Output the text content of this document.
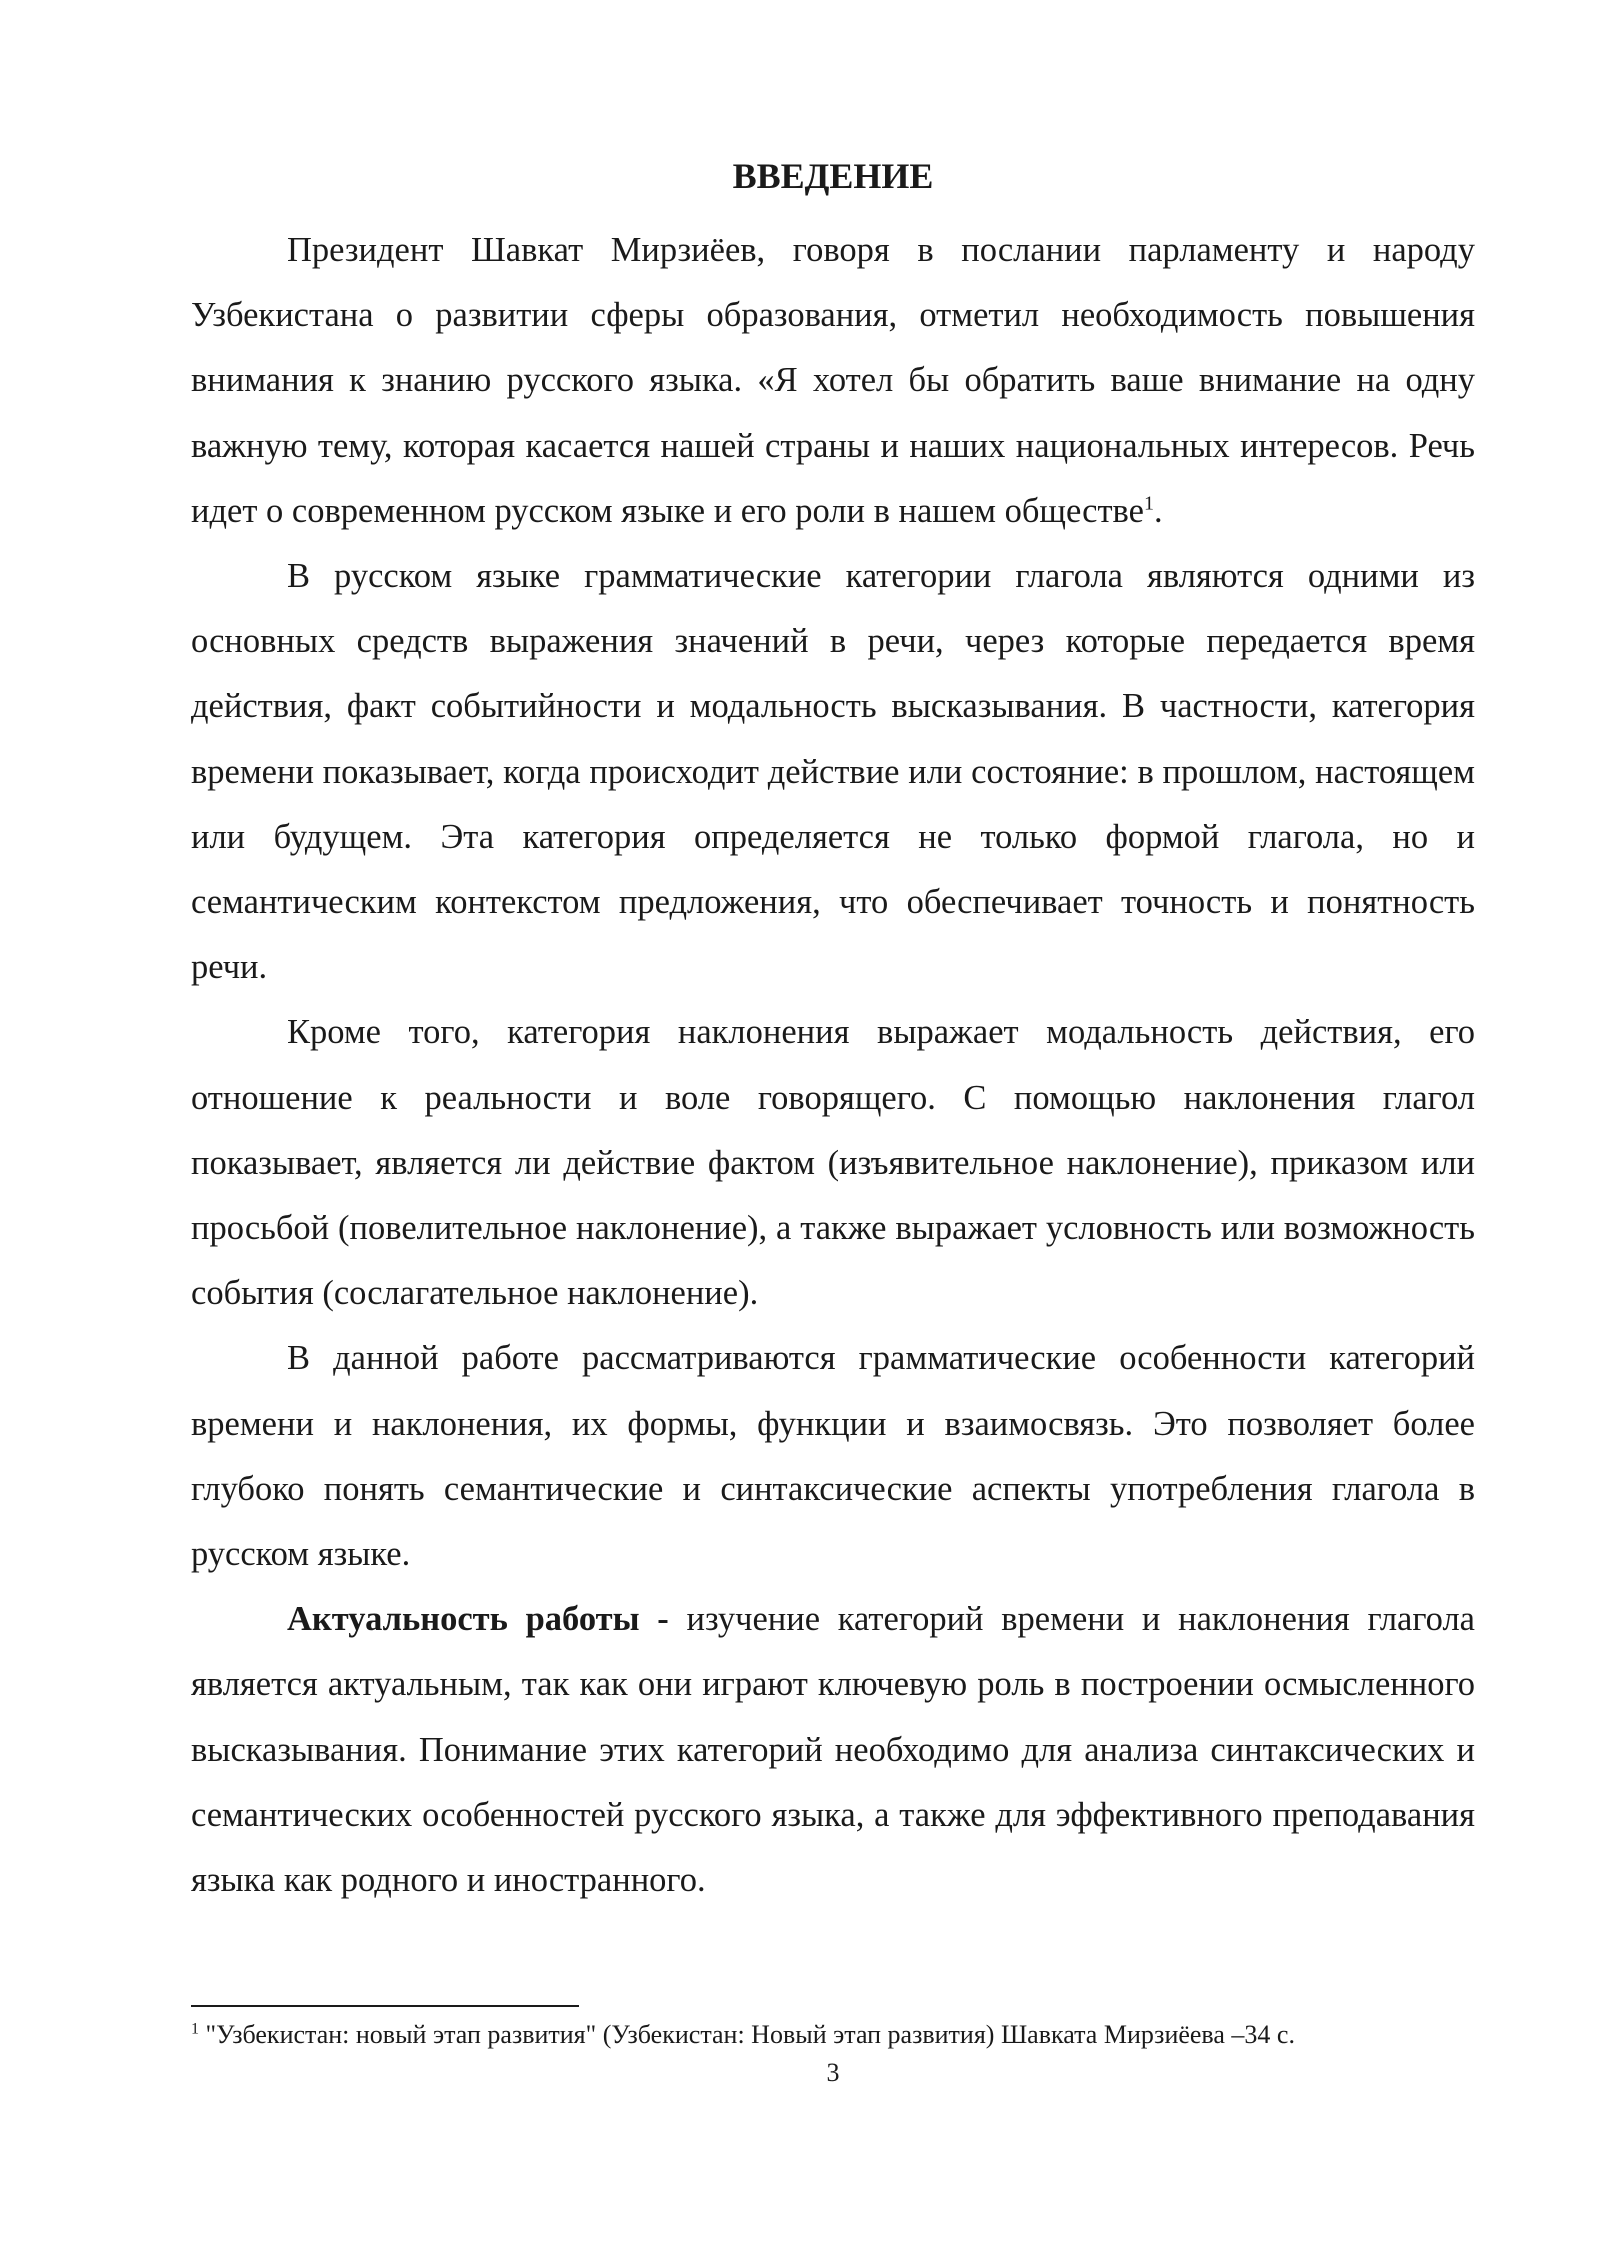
ВВЕДЕНИЕ

Президент Шавкат Мирзиёев, говоря в послании парламенту и народу Узбекистана о развитии сферы образования, отметил необходимость повышения внимания к знанию русского языка. «Я хотел бы обратить ваше внимание на одну важную тему, которая касается нашей страны и наших национальных интересов. Речь идет о современном русском языке и его роли в нашем обществе$^1$.

В русском языке грамматические категории глагола являются одними из основных средств выражения значений в речи, через которые передается время действия, факт событийности и модальность высказывания. В частности, категория времени показывает, когда происходит действие или состояние: в прошлом, настоящем или будущем. Эта категория определяется не только формой глагола, но и семантическим контекстом предложения, что обеспечивает точность и понятность речи.

Кроме того, категория наклонения выражает модальность действия, его отношение к реальности и воле говорящего. С помощью наклонения глагол показывает, является ли действие фактом (изъявительное наклонение), приказом или просьбой (повелительное наклонение), а также выражает условность или возможность события (сослагательное наклонение).

В данной работе рассматриваются грамматические особенности категорий времени и наклонения, их формы, функции и взаимосвязь. Это позволяет более глубоко понять семантические и синтаксические аспекты употребления глагола в русском языке.

Актуальность работы - изучение категорий времени и наклонения глагола является актуальным, так как они играют ключевую роль в построении осмысленного высказывания. Понимание этих категорий необходимо для анализа синтаксических и семантических особенностей русского языка, а также для эффективного преподавания языка как родного и иностранного.

$^1$ "Узбекистан: новый этап развития" (Узбекистан: Новый этап развития) Шавката Мирзиёева –34 с.

3
